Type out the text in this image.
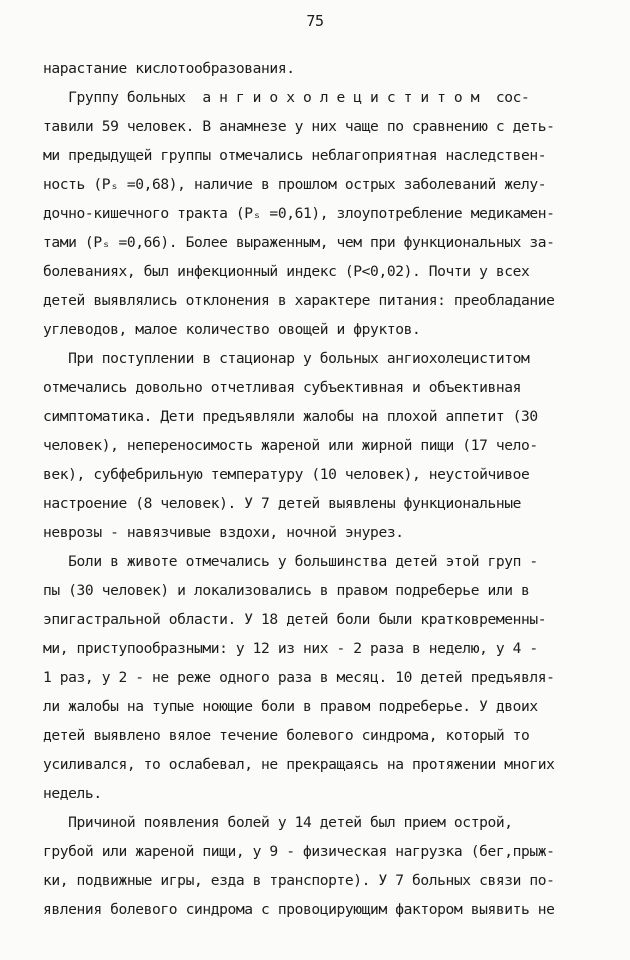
75
нарастание кислотообразования.
Группу больных  а н г и о х о л е ц и с т и т о м  сос-
тавили 59 человек. В анамнезе у них чаще по сравнению с деть-
ми предыдущей группы отмечались неблагоприятная наследствен-
ность (Pₛ =0,68), наличие в прошлом острых заболеваний желу-
дочно-кишечного тракта (Pₛ =0,61), злоупотребление медикамен-
тами (Pₛ =0,66). Более выраженным, чем при функциональных за-
болеваниях, был инфекционный индекс (P<0,02). Почти у всех
детей выявлялись отклонения в характере питания: преобладание
углеводов, малое количество овощей и фруктов.
При поступлении в стационар у больных ангиохолециститом
отмечались довольно отчетливая субъективная и объективная
симптоматика. Дети предъявляли жалобы на плохой аппетит (30
человек), непереносимость жареной или жирной пищи (17 чело-
век), субфебрильную температуру (10 человек), неустойчивое
настроение (8 человек). У 7 детей выявлены функциональные
неврозы - навязчивые вздохи, ночной энурез.
Боли в животе отмечались у большинства детей этой груп -
пы (30 человек) и локализовались в правом подреберье или в
эпигастральной области. У 18 детей боли были кратковременны-
ми, приступообразными: у 12 из них - 2 раза в неделю, у 4 -
1 раз, у 2 - не реже одного раза в месяц. 10 детей предъявля-
ли жалобы на тупые ноющие боли в правом подреберье. У двоих
детей выявлено вялое течение болевого синдрома, который то
усиливался, то ослабевал, не прекращаясь на протяжении многих
недель.
Причиной появления болей у 14 детей был прием острой,
грубой или жареной пищи, у 9 - физическая нагрузка (бег,прыж-
ки, подвижные игры, езда в транспорте). У 7 больных связи по-
явления болевого синдрома с провоцирующим фактором выявить не
